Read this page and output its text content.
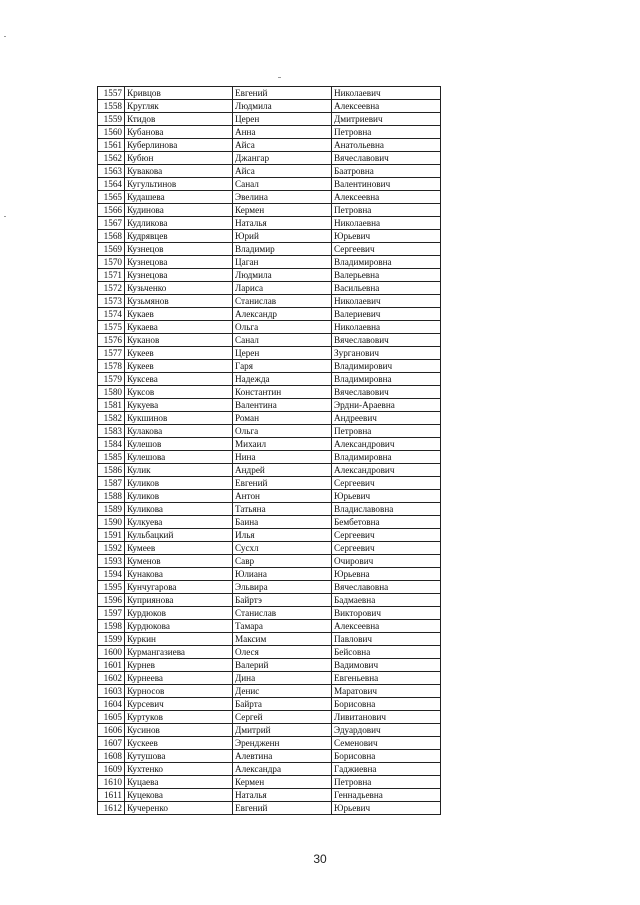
1557	Кривцов	Евгений	Николаевич
1558	Кругляк	Людмила	Алексеевна
1559	Ктидов	Церен	Дмитриевич
1560	Кубанова	Анна	Петровна
1561	Куберлинова	Айса	Анатольевна
1562	Кубюн	Джангар	Вячеславович
1563	Кувакова	Айса	Баатровна
1564	Кугультинов	Санал	Валентинович
1565	Кудашева	Эвелина	Алексеевна
1566	Кудинова	Кермен	Петровна
1567	Кудликова	Наталья	Николаевна
1568	Кудрявцев	Юрий	Юрьевич
1569	Кузнецов	Владимир	Сергеевич
1570	Кузнецова	Цаган	Владимировна
1571	Кузнецова	Людмила	Валерьевна
1572	Кузьченко	Лариса	Васильевна
1573	Кузьмянов	Станислав	Николаевич
1574	Кукаев	Александр	Валериевич
1575	Кукаева	Ольга	Николаевна
1576	Куканов	Санал	Вячеславович
1577	Кукеев	Церен	Зурганович
1578	Кукеев	Гаря	Владимирович
1579	Куксева	Надежда	Владимировна
1580	Куксов	Константин	Вячеславович
1581	Кукуева	Валентина	Эрдни-Араевна
1582	Кукшинов	Роман	Андреевич
1583	Кулакова	Ольга	Петровна
1584	Кулешов	Михаил	Александрович
1585	Кулешова	Нина	Владимировна
1586	Кулик	Андрей	Александрович
1587	Куликов	Евгений	Сергеевич
1588	Куликов	Антон	Юрьевич
1589	Куликова	Татьяна	Владиславовна
1590	Кулкуева	Баина	Бембетовна
1591	Кульбацкий	Илья	Сергеевич
1592	Кумеев	Сусхл	Сергеевич
1593	Куменов	Савр	Очирович
1594	Кунакова	Юлиана	Юрьевна
1595	Кунчугарова	Эльвира	Вячеславовна
1596	Куприянова	Байртэ	Бадмаевна
1597	Курдюков	Станислав	Викторович
1598	Курдюкова	Тамара	Алексеевна
1599	Куркин	Максим	Павлович
1600	Курмангазиева	Олеся	Бейсовна
1601	Курнев	Валерий	Вадимович
1602	Курнеева	Дина	Евгеньевна
1603	Курносов	Денис	Маратович
1604	Курсевич	Байрта	Борисовна
1605	Куртуков	Сергей	Ливитанович
1606	Кусинов	Дмитрий	Эдуардович
1607	Кускеев	Эрендженн	Семенович
1608	Кутушова	Алевтина	Борисовна
1609	Кухтенко	Александра	Гаджиевна
1610	Куцаева	Кермен	Петровна
1611	Куцекова	Наталья	Геннадьевна
1612	Кучеренко	Евгений	Юрьевич
30
